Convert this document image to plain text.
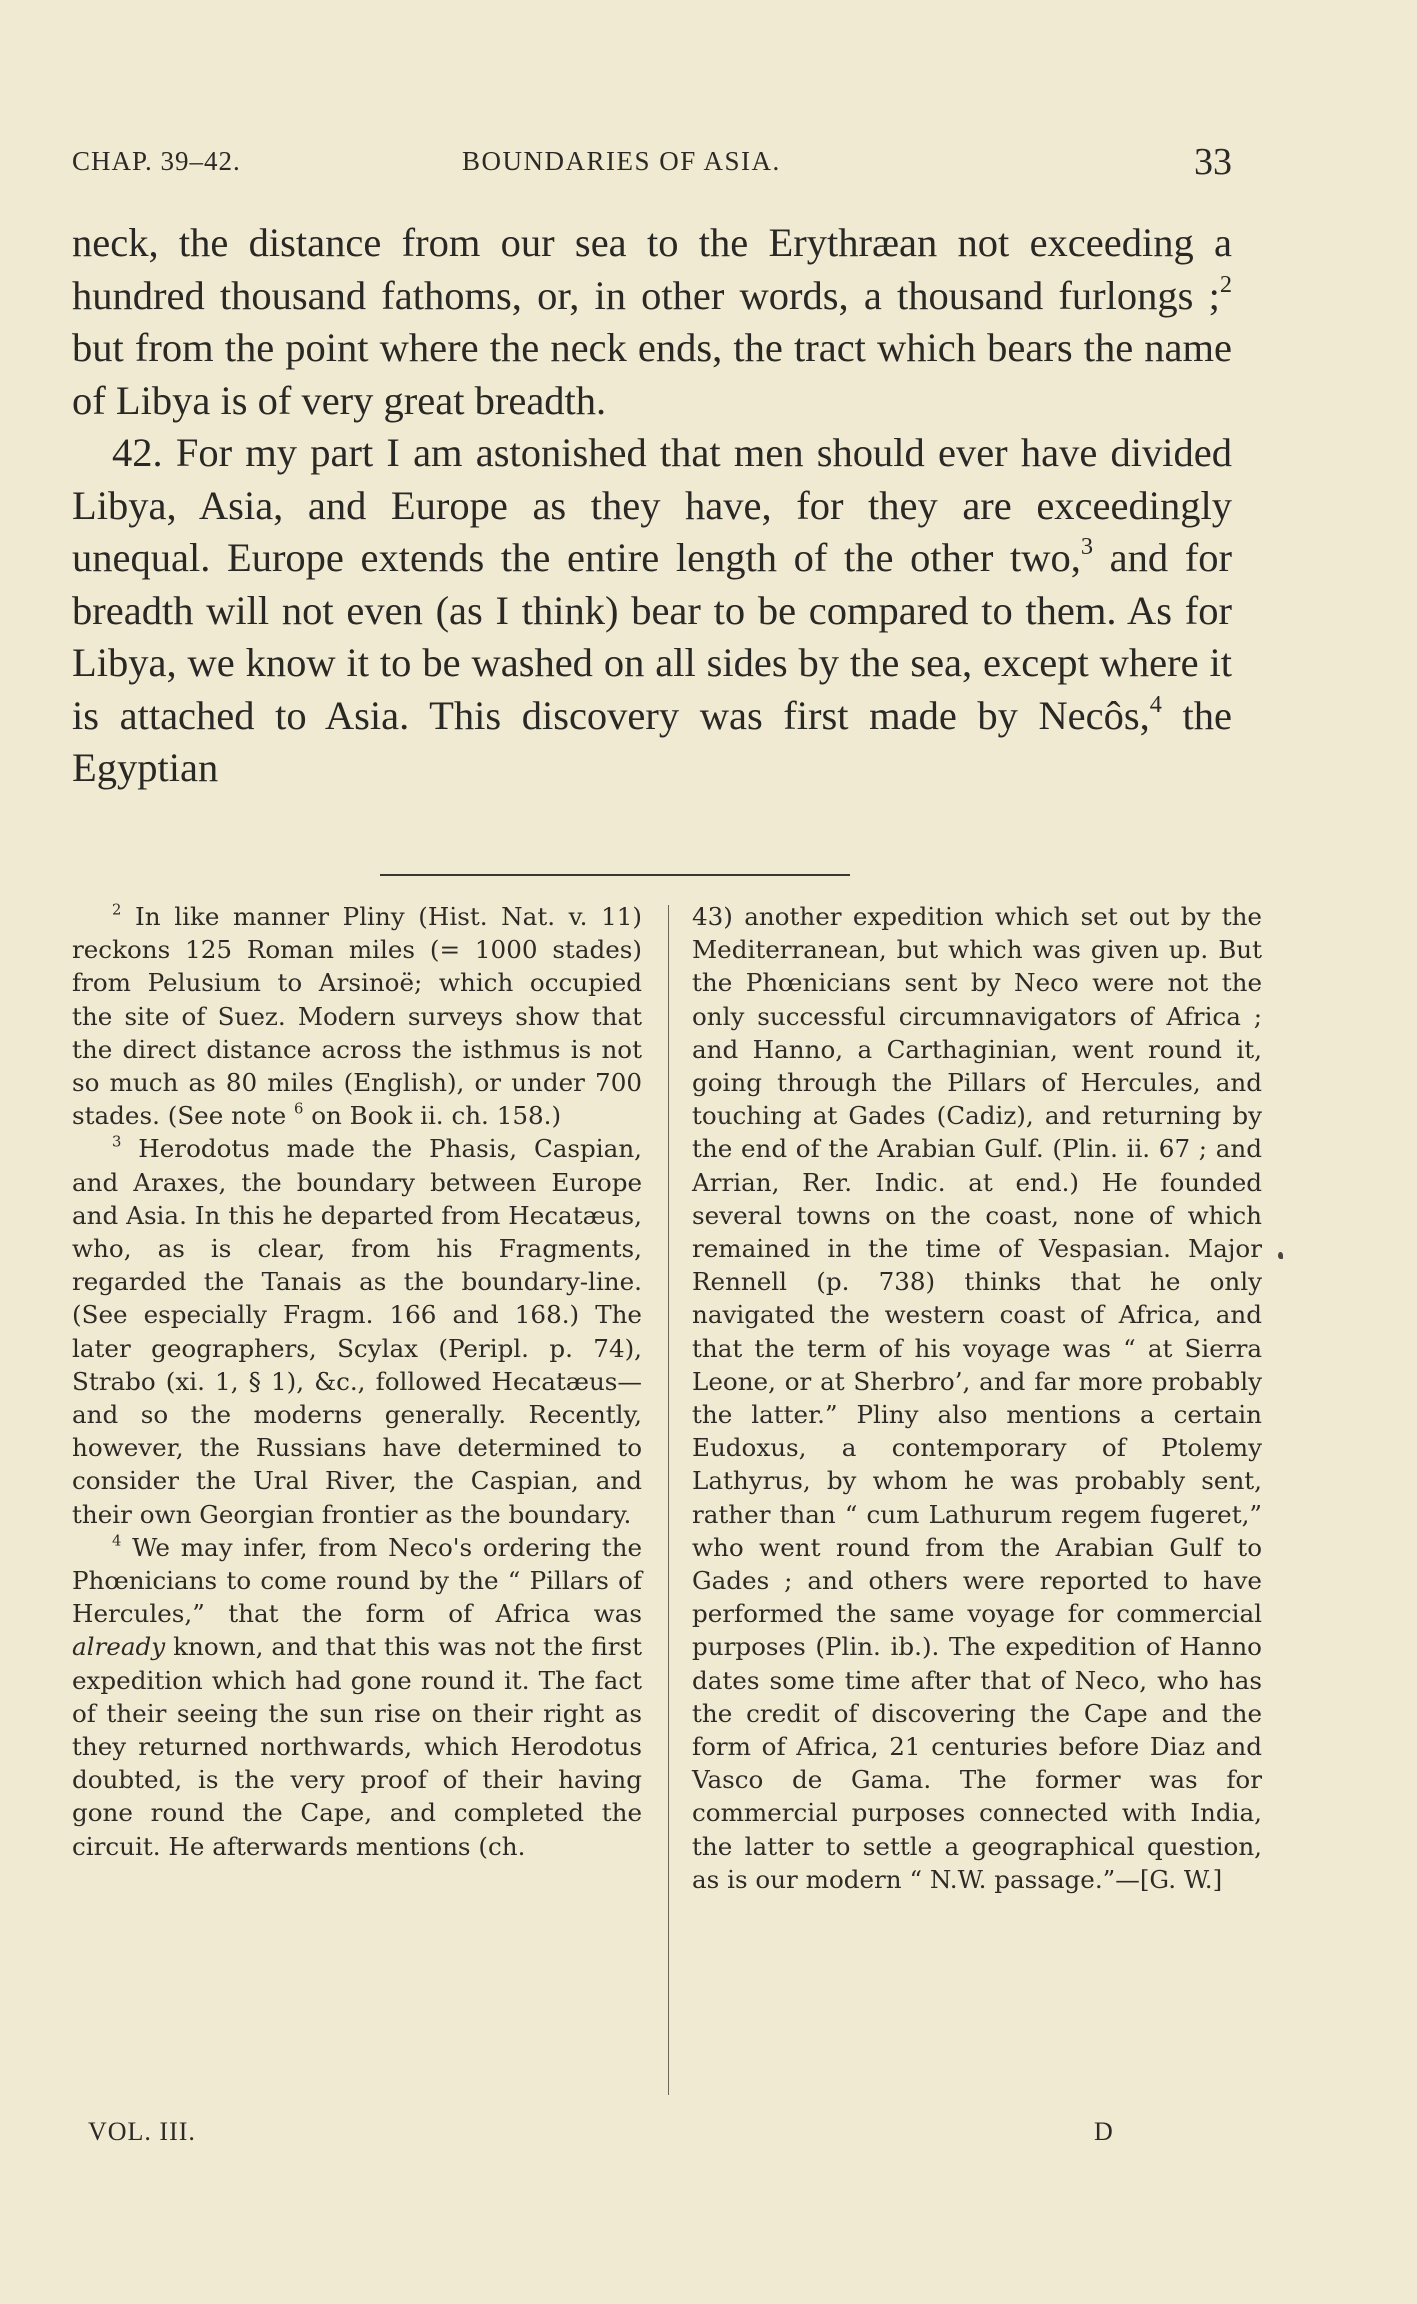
CHAP. 39–42.	BOUNDARIES OF ASIA.	33

neck, the distance from our sea to the Erythræan not exceeding a hundred thousand fathoms, or, in other words, a thousand furlongs ;$^2$ but from the point where the neck ends, the tract which bears the name of Libya is of very great breadth.

42. For my part I am astonished that men should ever have divided Libya, Asia, and Europe as they have, for they are exceedingly unequal. Europe extends the entire length of the other two,$^3$ and for breadth will not even (as I think) bear to be compared to them. As for Libya, we know it to be washed on all sides by the sea, except where it is attached to Asia. This discovery was first made by Necôs,$^4$ the Egyptian

$^2$ In like manner Pliny (Hist. Nat. v. 11) reckons 125 Roman miles (= 1000 stades) from Pelusium to Arsinoë; which occupied the site of Suez. Modern surveys show that the direct distance across the isthmus is not so much as 80 miles (English), or under 700 stades. (See note $^6$ on Book ii. ch. 158.)

$^3$ Herodotus made the Phasis, Caspian, and Araxes, the boundary between Europe and Asia. In this he departed from Hecatæus, who, as is clear, from his Fragments, regarded the Tanais as the boundary-line. (See especially Fragm. 166 and 168.) The later geographers, Scylax (Peripl. p. 74), Strabo (xi. 1, § 1), &c., followed Hecatæus—and so the moderns generally. Recently, however, the Russians have determined to consider the Ural River, the Caspian, and their own Georgian frontier as the boundary.

$^4$ We may infer, from Neco's ordering the Phœnicians to come round by the “ Pillars of Hercules,” that the form of Africa was already known, and that this was not the first expedition which had gone round it. The fact of their seeing the sun rise on their right as they returned northwards, which Herodotus doubted, is the very proof of their having gone round the Cape, and completed the circuit. He afterwards mentions (ch.

43) another expedition which set out by the Mediterranean, but which was given up. But the Phœnicians sent by Neco were not the only successful circumnavigators of Africa ; and Hanno, a Carthaginian, went round it, going through the Pillars of Hercules, and touching at Gades (Cadiz), and returning by the end of the Arabian Gulf. (Plin. ii. 67 ; and Arrian, Rer. Indic. at end.) He founded several towns on the coast, none of which remained in the time of Vespasian. Major Rennell (p. 738) thinks that he only navigated the western coast of Africa, and that the term of his voyage was “ at Sierra Leone, or at Sherbro’, and far more probably the latter.” Pliny also mentions a certain Eudoxus, a contemporary of Ptolemy Lathyrus, by whom he was probably sent, rather than “ cum Lathurum regem fugeret,” who went round from the Arabian Gulf to Gades ; and others were reported to have performed the same voyage for commercial purposes (Plin. ib.). The expedition of Hanno dates some time after that of Neco, who has the credit of discovering the Cape and the form of Africa, 21 centuries before Diaz and Vasco de Gama. The former was for commercial purposes connected with India, the latter to settle a geographical question, as is our modern “ N.W. passage.”—[G. W.]

VOL. III.	D
